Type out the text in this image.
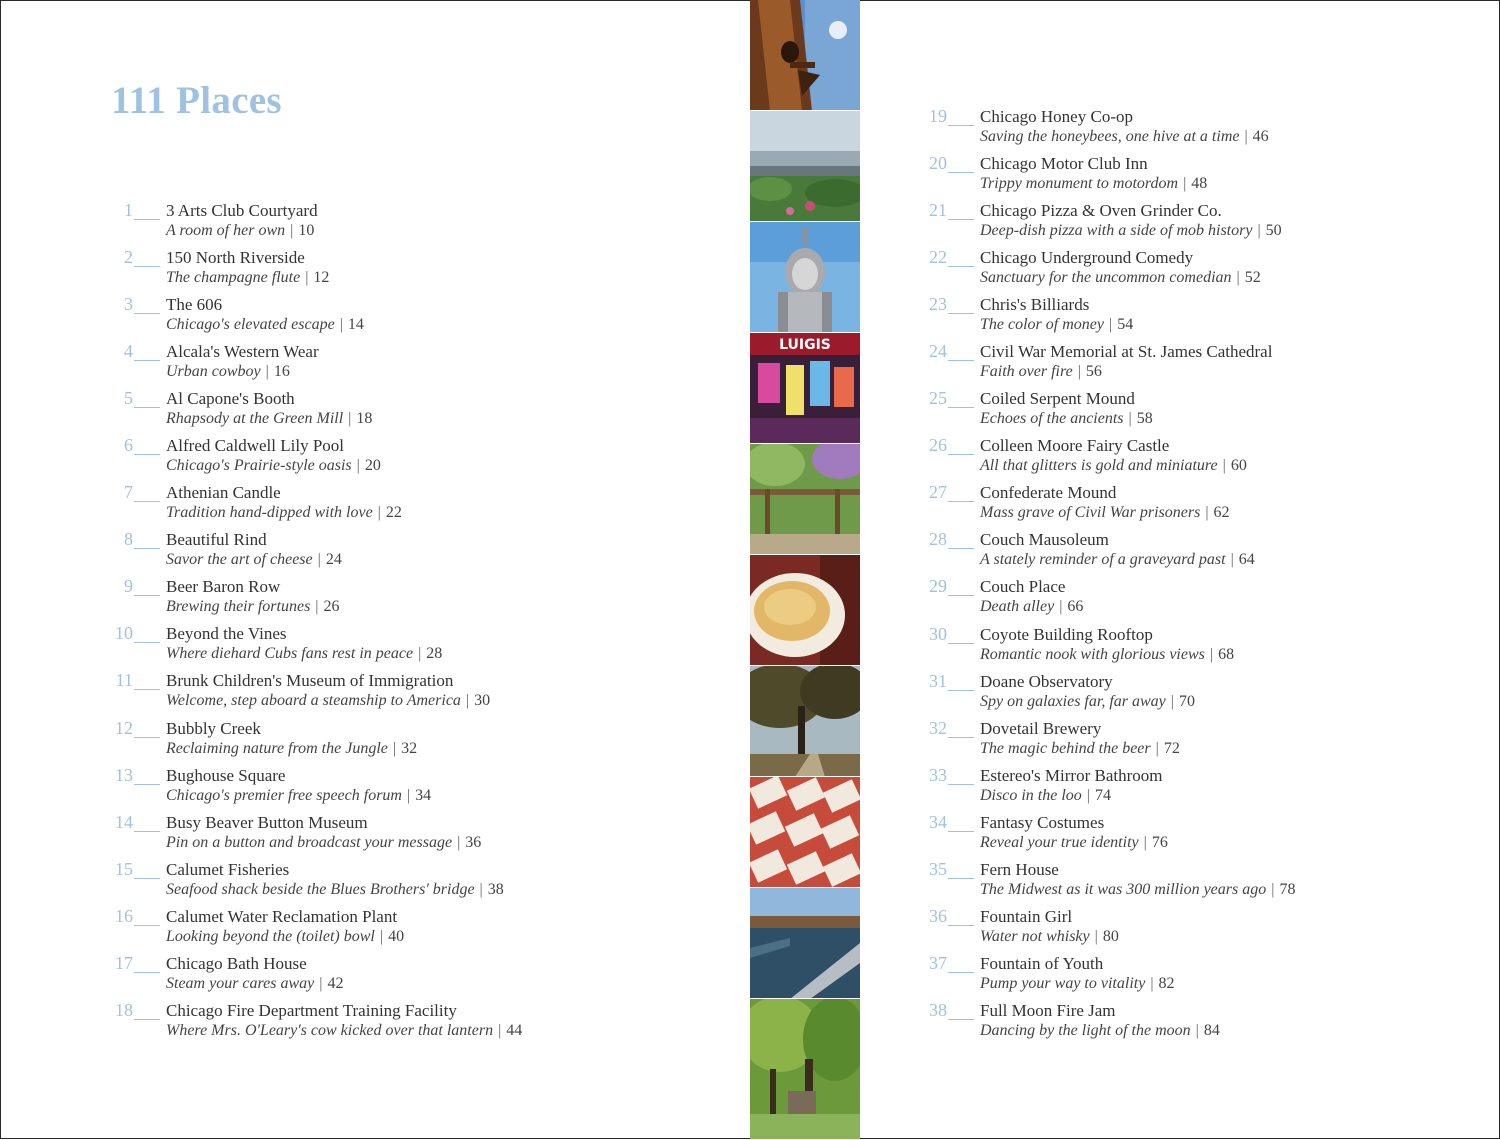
111 Places
1 3 Arts Club Courtyard
A room of her own | 10
2 150 North Riverside
The champagne flute | 12
3 The 606
Chicago's elevated escape | 14
4 Alcala's Western Wear
Urban cowboy | 16
5 Al Capone's Booth
Rhapsody at the Green Mill | 18
6 Alfred Caldwell Lily Pool
Chicago's Prairie-style oasis | 20
7 Athenian Candle
Tradition hand-dipped with love | 22
8 Beautiful Rind
Savor the art of cheese | 24
9 Beer Baron Row
Brewing their fortunes | 26
10 Beyond the Vines
Where diehard Cubs fans rest in peace | 28
11 Brunk Children's Museum of Immigration
Welcome, step aboard a steamship to America | 30
12 Bubbly Creek
Reclaiming nature from the Jungle | 32
13 Bughouse Square
Chicago's premier free speech forum | 34
14 Busy Beaver Button Museum
Pin on a button and broadcast your message | 36
15 Calumet Fisheries
Seafood shack beside the Blues Brothers' bridge | 38
16 Calumet Water Reclamation Plant
Looking beyond the (toilet) bowl | 40
17 Chicago Bath House
Steam your cares away | 42
18 Chicago Fire Department Training Facility
Where Mrs. O'Leary's cow kicked over that lantern | 44
19 Chicago Honey Co-op
Saving the honeybees, one hive at a time | 46
20 Chicago Motor Club Inn
Trippy monument to motordom | 48
21 Chicago Pizza & Oven Grinder Co.
Deep-dish pizza with a side of mob history | 50
22 Chicago Underground Comedy
Sanctuary for the uncommon comedian | 52
23 Chris's Billiards
The color of money | 54
24 Civil War Memorial at St. James Cathedral
Faith over fire | 56
25 Coiled Serpent Mound
Echoes of the ancients | 58
26 Colleen Moore Fairy Castle
All that glitters is gold and miniature | 60
27 Confederate Mound
Mass grave of Civil War prisoners | 62
28 Couch Mausoleum
A stately reminder of a graveyard past | 64
29 Couch Place
Death alley | 66
30 Coyote Building Rooftop
Romantic nook with glorious views | 68
31 Doane Observatory
Spy on galaxies far, far away | 70
32 Dovetail Brewery
The magic behind the beer | 72
33 Estereo's Mirror Bathroom
Disco in the loo | 74
34 Fantasy Costumes
Reveal your true identity | 76
35 Fern House
The Midwest as it was 300 million years ago | 78
36 Fountain Girl
Water not whisky | 80
37 Fountain of Youth
Pump your way to vitality | 82
38 Full Moon Fire Jam
Dancing by the light of the moon | 84
LUIGIS
